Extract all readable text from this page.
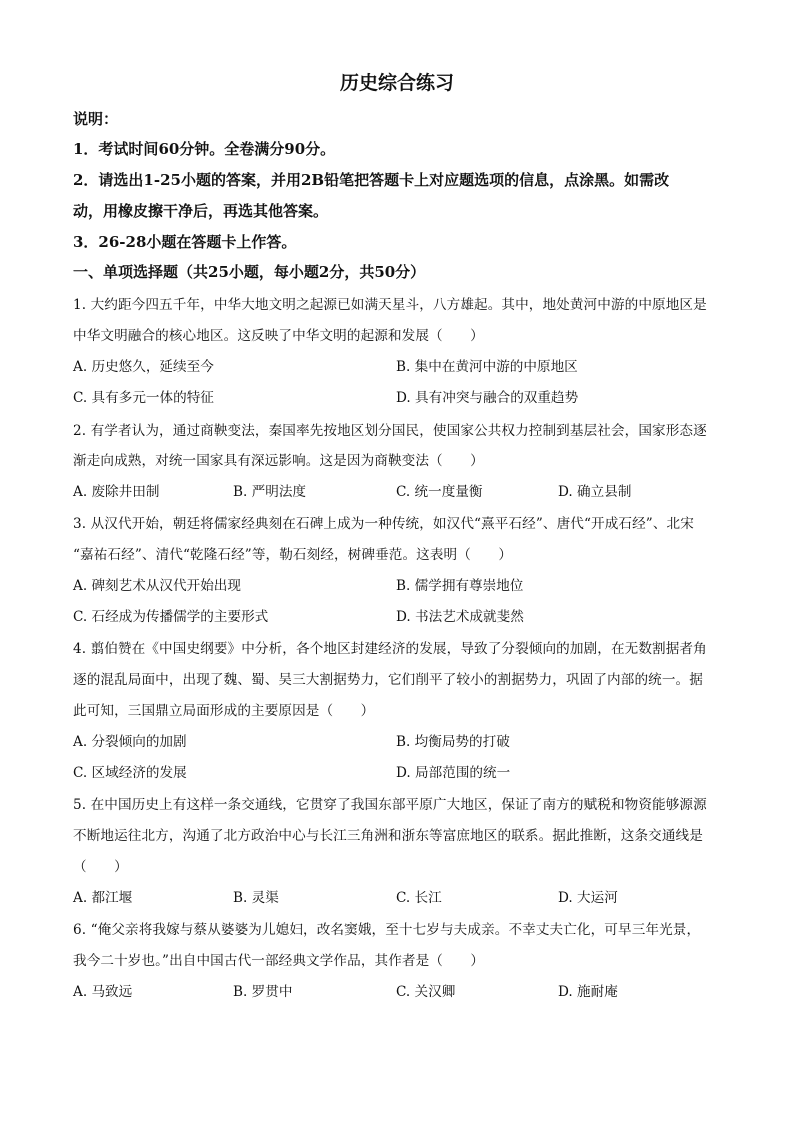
历史综合练习
说明：
1．考试时间60分钟。全卷满分90分。
2．请选出1-25小题的答案，并用2B铅笔把答题卡上对应题选项的信息，点涂黑。如需改
动，用橡皮擦干净后，再选其他答案。
3．26-28小题在答题卡上作答。
一、单项选择题（共25小题，每小题2分，共50分）
1. 大约距今四五千年，中华大地文明之起源已如满天星斗，八方雄起。其中，地处黄河中游的中原地区是
中华文明融合的核心地区。这反映了中华文明的起源和发展（　　）
A. 历史悠久，延续至今	B. 集中在黄河中游的中原地区
C. 具有多元一体的特征	D. 具有冲突与融合的双重趋势
2. 有学者认为，通过商鞅变法，秦国率先按地区划分国民，使国家公共权力控制到基层社会，国家形态逐
渐走向成熟，对统一国家具有深远影响。这是因为商鞅变法（　　）
A. 废除井田制	B. 严明法度	C. 统一度量衡	D. 确立县制
3. 从汉代开始，朝廷将儒家经典刻在石碑上成为一种传统，如汉代“熹平石经”、唐代“开成石经”、北宋
“嘉祐石经”、清代“乾隆石经”等，勒石刻经，树碑垂范。这表明（　　）
A. 碑刻艺术从汉代开始出现	B. 儒学拥有尊崇地位
C. 石经成为传播儒学的主要形式	D. 书法艺术成就斐然
4. 翦伯赞在《中国史纲要》中分析，各个地区封建经济的发展，导致了分裂倾向的加剧，在无数割据者角
逐的混乱局面中，出现了魏、蜀、吴三大割据势力，它们削平了较小的割据势力，巩固了内部的统一。据
此可知，三国鼎立局面形成的主要原因是（　　）
A. 分裂倾向的加剧	B. 均衡局势的打破
C. 区域经济的发展	D. 局部范围的统一
5. 在中国历史上有这样一条交通线，它贯穿了我国东部平原广大地区，保证了南方的赋税和物资能够源源
不断地运往北方，沟通了北方政治中心与长江三角洲和浙东等富庶地区的联系。据此推断，这条交通线是
（　　）
A. 都江堰	B. 灵渠	C. 长江	D. 大运河
6. “俺父亲将我嫁与蔡从婆婆为儿媳妇，改名窦娥，至十七岁与夫成亲。不幸丈夫亡化，可早三年光景，
我今二十岁也。”出自中国古代一部经典文学作品，其作者是（　　）
A. 马致远	B. 罗贯中	C. 关汉卿	D. 施耐庵
